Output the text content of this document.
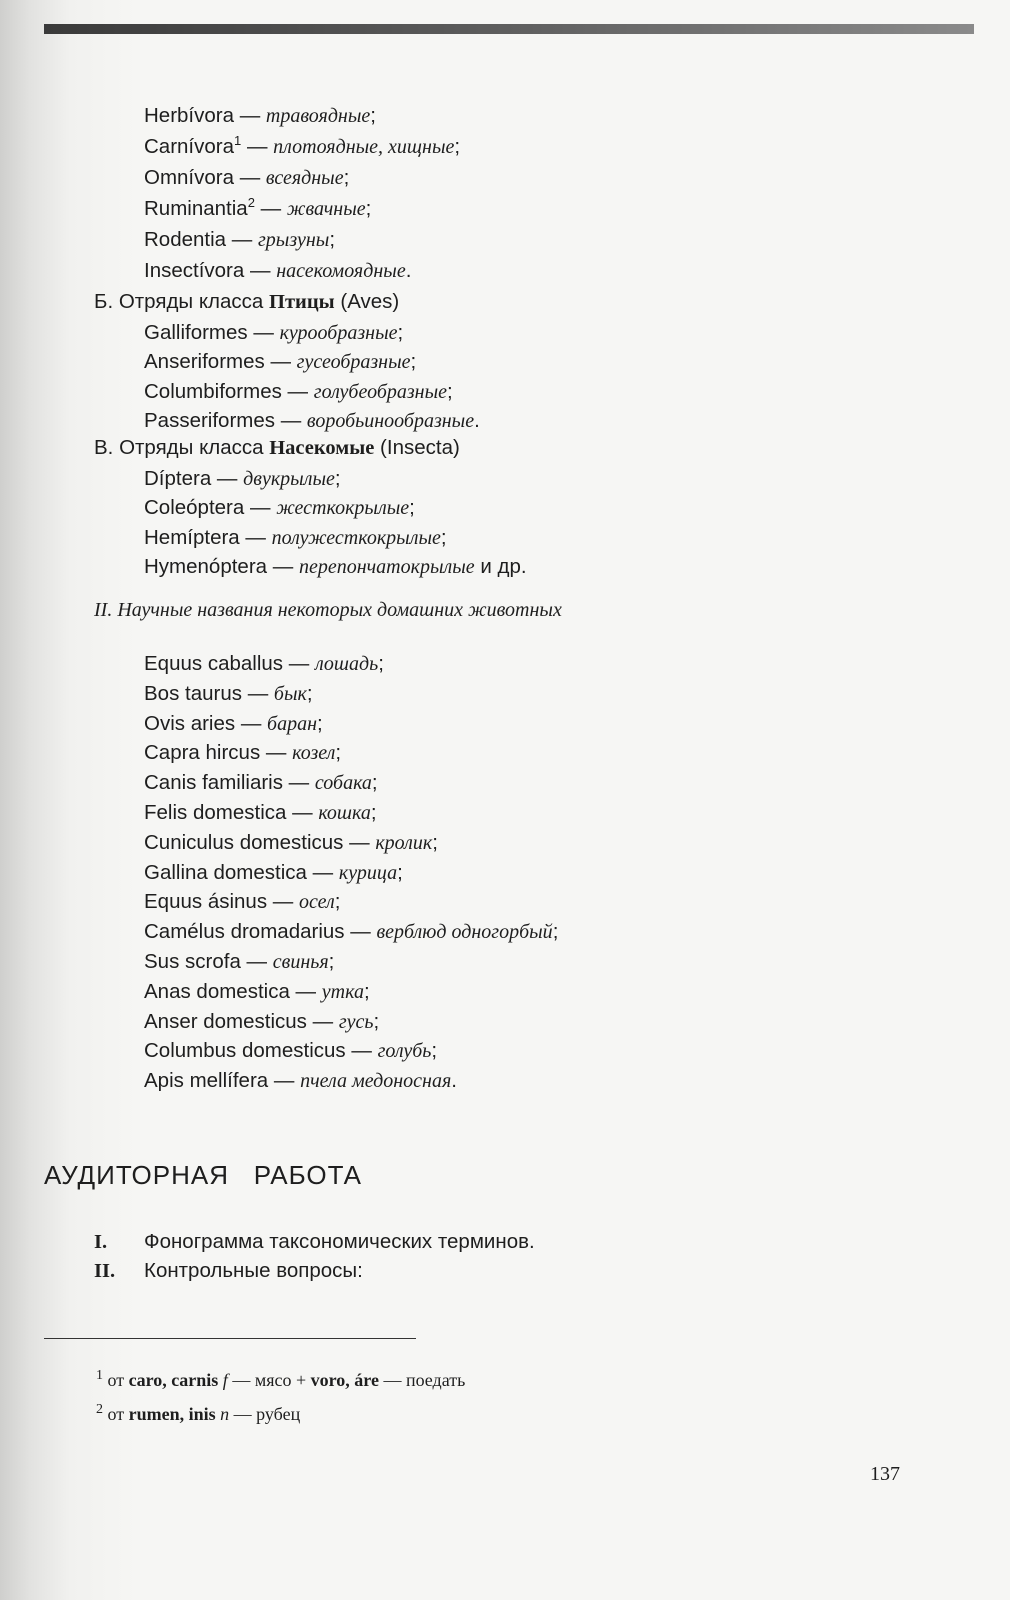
Herbívora — травоядные;
Carnívora$^1$ — плотоядные, хищные;
Omnívora — всеядные;
Ruminantia$^2$ — жвачные;
Rodentia — грызуны;
Insectívora — насекомоядные.
Б. Отряды класса Птицы (Aves)
Galliformes — курообразные;
Anseriformes — гусеобразные;
Columbiformes — голубеобразные;
Passeriformes — воробьинообразные.
В. Отряды класса Насекомые (Insecta)
Díptera — двукрылые;
Coleóptera — жесткокрылые;
Hemíptera — полужесткокрылые;
Hymenóptera — перепончатокрылые и др.
II. Научные названия некоторых домашних животных
Equus caballus — лошадь;
Bos taurus — бык;
Ovis aries — баран;
Capra hircus — козел;
Canis familiaris — собака;
Felis domestica — кошка;
Cuniculus domesticus — кролик;
Gallina domestica — курица;
Equus ásinus — осел;
Camélus dromadarius — верблюд одногорбый;
Sus scrofa — свинья;
Anas domestica — утка;
Anser domesticus — гусь;
Columbus domesticus — голубь;
Apis mellífera — пчела медоносная.
АУДИТОРНАЯ   РАБОТА
I. Фонограмма таксономических терминов.
II. Контрольные вопросы:
$^1$ от caro, carnis f — мясо + voro, áre — поедать
$^2$ от rumen, inis n — рубец
137
